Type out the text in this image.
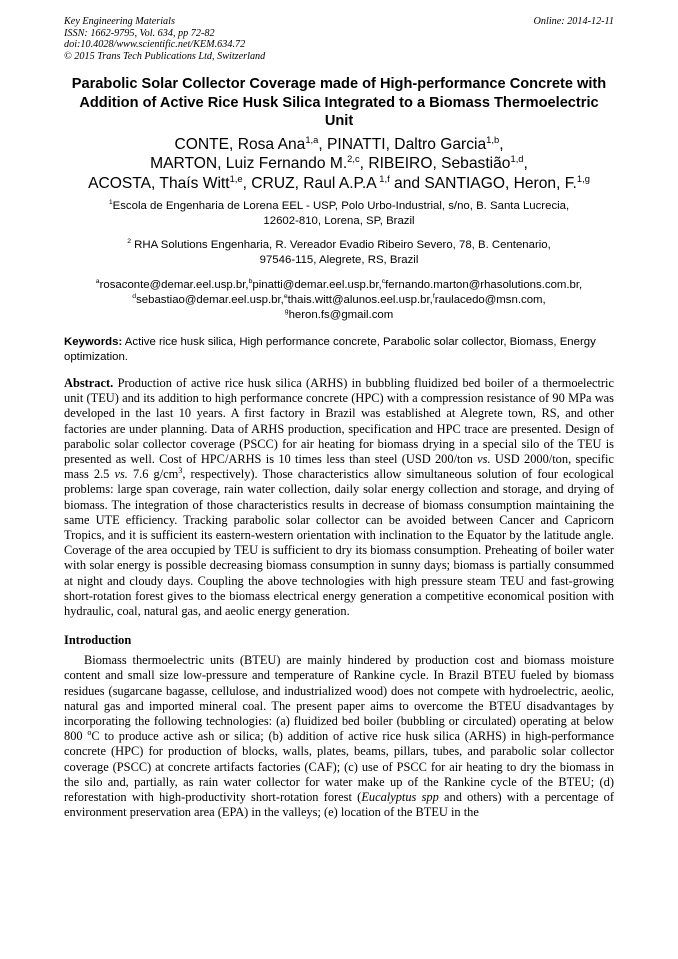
Key Engineering Materials
ISSN: 1662-9795, Vol. 634, pp 72-82
doi:10.4028/www.scientific.net/KEM.634.72
© 2015 Trans Tech Publications Ltd, Switzerland
Online: 2014-12-11
Parabolic Solar Collector Coverage made of High-performance Concrete with Addition of Active Rice Husk Silica Integrated to a Biomass Thermoelectric Unit
CONTE, Rosa Ana$^{1,a}$, PINATTI, Daltro Garcia$^{1,b}$,
MARTON, Luiz Fernando M.$^{2,c}$, RIBEIRO, Sebastião$^{1,d}$,
ACOSTA, Thaís Witt$^{1,e}$, CRUZ, Raul A.P.A $^{1,f}$ and SANTIAGO, Heron, F.$^{1,g}$
$^1$Escola de Engenharia de Lorena EEL - USP, Polo Urbo-Industrial, s/no, B. Santa Lucrecia,
12602-810, Lorena, SP, Brazil
$^2$ RHA Solutions Engenharia, R. Vereador Evadio Ribeiro Severo, 78, B. Centenario,
97546-115, Alegrete, RS, Brazil
$^a$rosaconte@demar.eel.usp.br,$^b$pinatti@demar.eel.usp.br,$^c$fernando.marton@rhasolutions.com.br,
$^d$sebastiao@demar.eel.usp.br,$^e$thais.witt@alunos.eel.usp.br,$^f$raulacedo@msn.com,
$^g$heron.fs@gmail.com
Keywords: Active rice husk silica, High performance concrete, Parabolic solar collector, Biomass, Energy optimization.
Abstract. Production of active rice husk silica (ARHS) in bubbling fluidized bed boiler of a thermoelectric unit (TEU) and its addition to high performance concrete (HPC) with a compression resistance of 90 MPa was developed in the last 10 years. A first factory in Brazil was established at Alegrete town, RS, and other factories are under planning. Data of ARHS production, specification and HPC trace are presented. Design of parabolic solar collector coverage (PSCC) for air heating for biomass drying in a special silo of the TEU is presented as well. Cost of HPC/ARHS is 10 times less than steel (USD 200/ton vs. USD 2000/ton, specific mass 2.5 vs. 7.6 $g/cm^3$, respectively). Those characteristics allow simultaneous solution of four ecological problems: large span coverage, rain water collection, daily solar energy collection and storage, and drying of biomass. The integration of those characteristics results in decrease of biomass consumption maintaining the same UTE efficiency. Tracking parabolic solar collector can be avoided between Cancer and Capricorn Tropics, and it is sufficient its eastern-western orientation with inclination to the Equator by the latitude angle. Coverage of the area occupied by TEU is sufficient to dry its biomass consumption. Preheating of boiler water with solar energy is possible decreasing biomass consumption in sunny days; biomass is partially consummed at night and cloudy days. Coupling the above technologies with high pressure steam TEU and fast-growing short-rotation forest gives to the biomass electrical energy generation a competitive economical position with hydraulic, coal, natural gas, and aeolic energy generation.
Introduction
Biomass thermoelectric units (BTEU) are mainly hindered by production cost and biomass moisture content and small size low-pressure and temperature of Rankine cycle. In Brazil BTEU fueled by biomass residues (sugarcane bagasse, cellulose, and industrialized wood) does not compete with hydroelectric, aeolic, natural gas and imported mineral coal. The present paper aims to overcome the BTEU disadvantages by incorporating the following technologies: (a) fluidized bed boiler (bubbling or circulated) operating at below 800 $^o$C to produce active ash or silica; (b) addition of active rice husk silica (ARHS) in high-performance concrete (HPC) for production of blocks, walls, plates, beams, pillars, tubes, and parabolic solar collector coverage (PSCC) at concrete artifacts factories (CAF); (c) use of PSCC for air heating to dry the biomass in the silo and, partially, as rain water collector for water make up of the Rankine cycle of the BTEU; (d) reforestation with high-productivity short-rotation forest (Eucalyptus spp and others) with a percentage of environment preservation area (EPA) in the valleys; (e) location of the BTEU in the
